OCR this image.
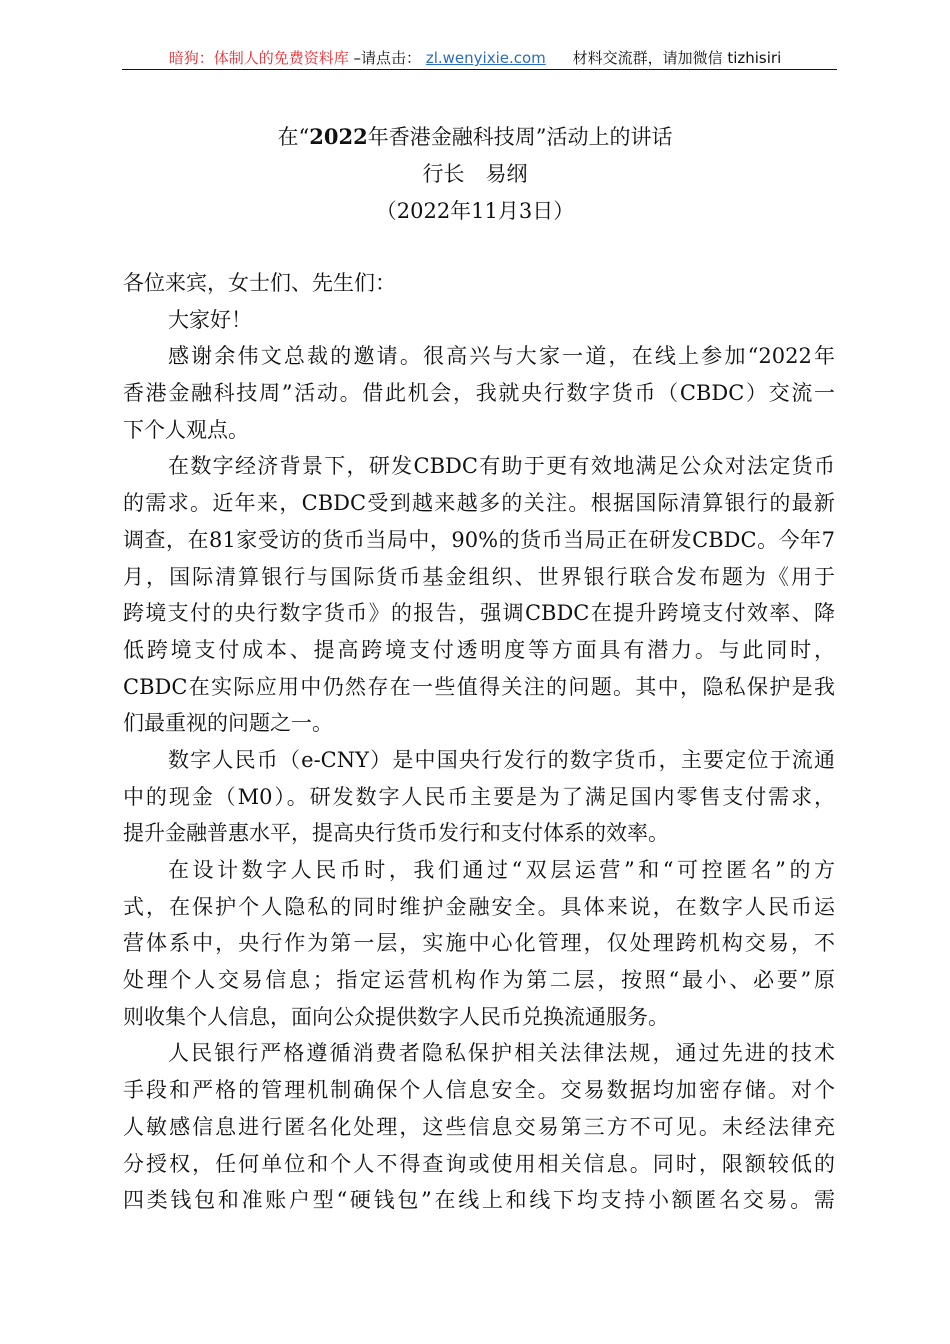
暗狗：体制人的免费资料库 –请点击： zl.wenyixie.com 材料交流群，请加微信 tizhisiri
在“2022年香港金融科技周”活动上的讲话
行长　易纲
（2022年11月3日）
各位来宾，女士们、先生们：
大家好！
感谢余伟文总裁的邀请。很高兴与大家一道，在线上参加“2022年
香港金融科技周”活动。借此机会，我就央行数字货币（CBDC）交流一
下个人观点。
在数字经济背景下，研发CBDC有助于更有效地满足公众对法定货币
的需求。近年来，CBDC受到越来越多的关注。根据国际清算银行的最新
调查，在81家受访的货币当局中，90%的货币当局正在研发CBDC。今年7
月，国际清算银行与国际货币基金组织、世界银行联合发布题为《用于
跨境支付的央行数字货币》的报告，强调CBDC在提升跨境支付效率、降
低跨境支付成本、提高跨境支付透明度等方面具有潜力。与此同时，
CBDC在实际应用中仍然存在一些值得关注的问题。其中，隐私保护是我
们最重视的问题之一。
数字人民币（e-CNY）是中国央行发行的数字货币，主要定位于流通
中的现金（M0）。研发数字人民币主要是为了满足国内零售支付需求，
提升金融普惠水平，提高央行货币发行和支付体系的效率。
在设计数字人民币时，我们通过“双层运营”和“可控匿名”的方
式，在保护个人隐私的同时维护金融安全。具体来说，在数字人民币运
营体系中，央行作为第一层，实施中心化管理，仅处理跨机构交易，不
处理个人交易信息；指定运营机构作为第二层，按照“最小、必要”原
则收集个人信息，面向公众提供数字人民币兑换流通服务。
人民银行严格遵循消费者隐私保护相关法律法规，通过先进的技术
手段和严格的管理机制确保个人信息安全。交易数据均加密存储。对个
人敏感信息进行匿名化处理，这些信息交易第三方不可见。未经法律充
分授权，任何单位和个人不得查询或使用相关信息。同时，限额较低的
四类钱包和准账户型“硬钱包”在线上和线下均支持小额匿名交易。需
